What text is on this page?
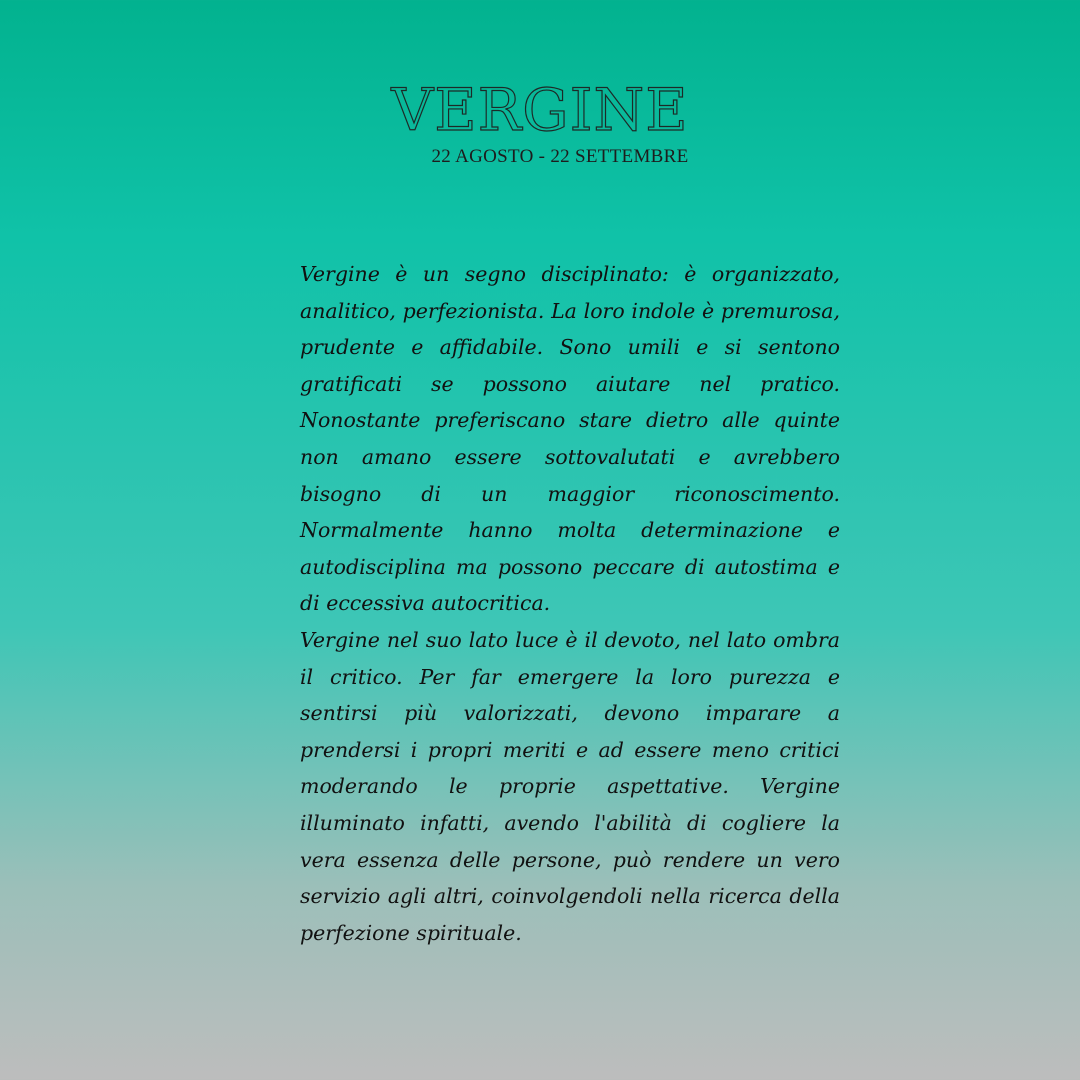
VERGINE
22 AGOSTO - 22 SETTEMBRE

Vergine è un segno disciplinato: è organizzato, analitico, perfezionista. La loro indole è premurosa, prudente e affidabile. Sono umili e si sentono gratificati se possono aiutare nel pratico. Nonostante preferiscano stare dietro alle quinte non amano essere sottovalutati e avrebbero bisogno di un maggior riconoscimento. Normalmente hanno molta determinazione e autodisciplina ma possono peccare di autostima e di eccessiva autocritica.

Vergine nel suo lato luce è il devoto, nel lato ombra il critico. Per far emergere la loro purezza e sentirsi più valorizzati, devono imparare a prendersi i propri meriti e ad essere meno critici moderando le proprie aspettative. Vergine illuminato infatti, avendo l'abilità di cogliere la vera essenza delle persone, può rendere un vero servizio agli altri, coinvolgendoli nella ricerca della perfezione spirituale.
